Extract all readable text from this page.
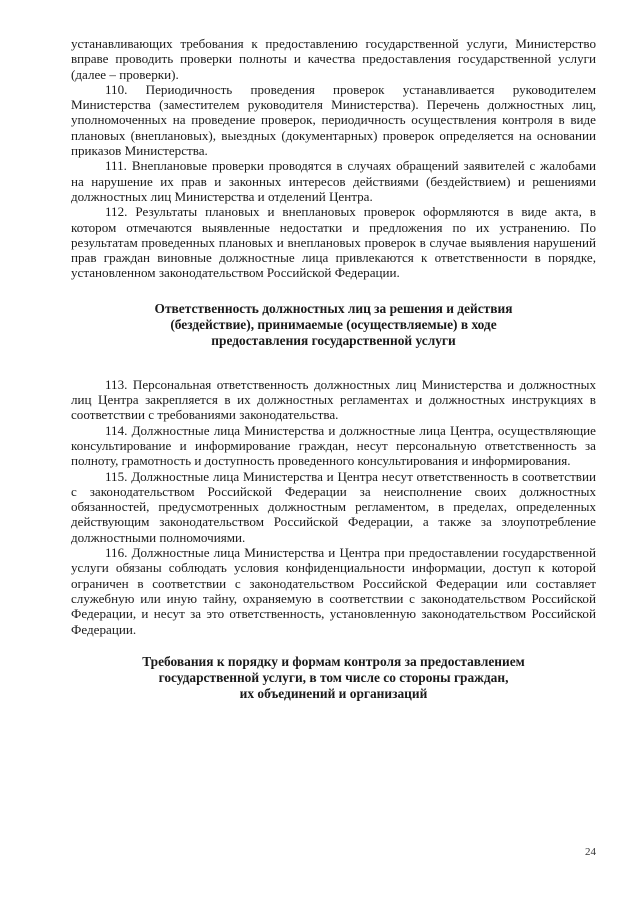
устанавливающих требования к предоставлению государственной услуги, Министерство вправе проводить проверки полноты и качества предоставления государственной услуги (далее – проверки).

110. Периодичность проведения проверок устанавливается руководителем Министерства (заместителем руководителя Министерства). Перечень должностных лиц, уполномоченных на проведение проверок, периодичность осуществления контроля в виде плановых (внеплановых), выездных (документарных) проверок определяется на основании приказов Министерства.

111. Внеплановые проверки проводятся в случаях обращений заявителей с жалобами на нарушение их прав и законных интересов действиями (бездействием) и решениями должностных лиц Министерства и отделений Центра.

112. Результаты плановых и внеплановых проверок оформляются в виде акта, в котором отмечаются выявленные недостатки и предложения по их устранению. По результатам проведенных плановых и внеплановых проверок в случае выявления нарушений прав граждан виновные должностные лица привлекаются к ответственности в порядке, установленном законодательством Российской Федерации.

Ответственность должностных лиц за решения и действия
(бездействие), принимаемые (осуществляемые) в ходе
предоставления государственной услуги

113. Персональная ответственность должностных лиц Министерства и должностных лиц Центра закрепляется в их должностных регламентах и должностных инструкциях в соответствии с требованиями законодательства.

114. Должностные лица Министерства и должностные лица Центра, осуществляющие консультирование и информирование граждан, несут персональную ответственность за полноту, грамотность и доступность проведенного консультирования и информирования.

115. Должностные лица Министерства и Центра несут ответственность в соответствии с законодательством Российской Федерации за неисполнение своих должностных обязанностей, предусмотренных должностным регламентом, в пределах, определенных действующим законодательством Российской Федерации, а также за злоупотребление должностными полномочиями.

116. Должностные лица Министерства и Центра при предоставлении государственной услуги обязаны соблюдать условия конфиденциальности информации, доступ к которой ограничен в соответствии с законодательством Российской Федерации или составляет служебную или иную тайну, охраняемую в соответствии с законодательством Российской Федерации, и несут за это ответственность, установленную законодательством Российской Федерации.

Требования к порядку и формам контроля за предоставлением
государственной услуги, в том числе со стороны граждан,
их объединений и организаций
24
